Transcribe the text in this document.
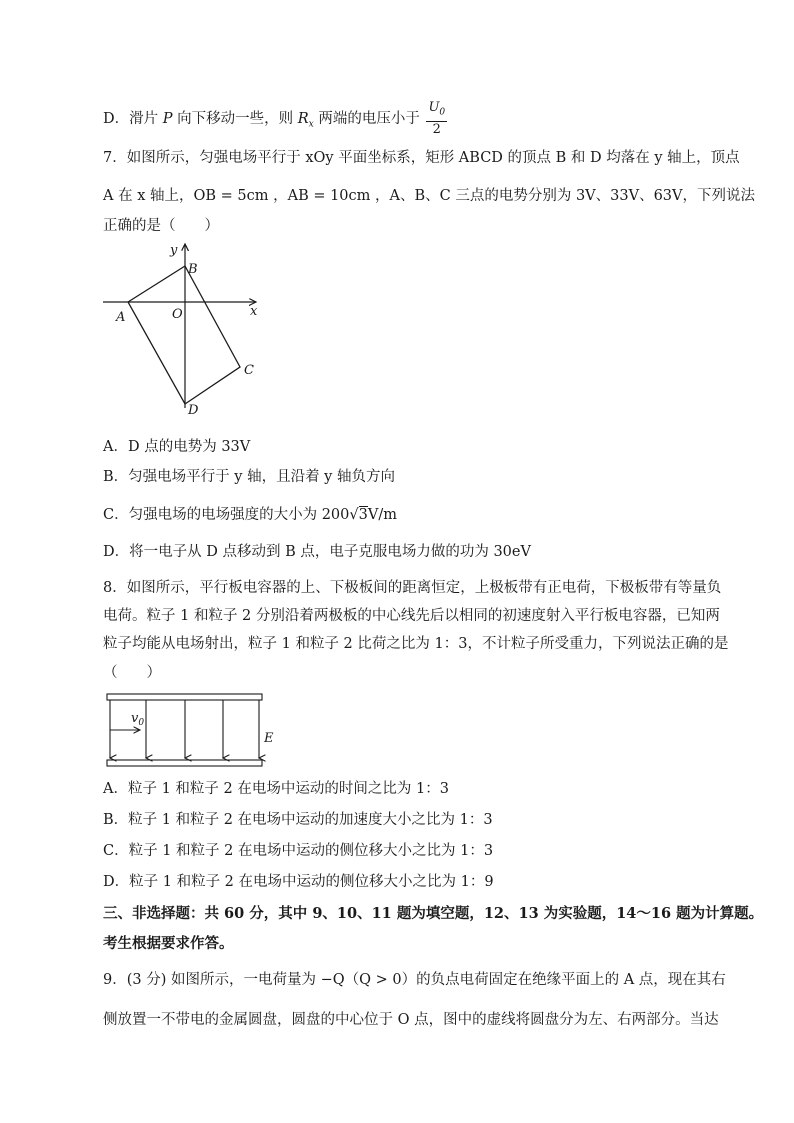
D．滑片 P 向下移动一些，则 $R_x$ 两端的电压小于 $\frac{U_0}{2}$
7．如图所示，匀强电场平行于 xOy 平面坐标系，矩形 ABCD 的顶点 B 和 D 均落在 y 轴上，顶点
A 在 x 轴上，OB = 5cm ，AB = 10cm ，A、B、C 三点的电势分别为 3V、33V、63V，下列说法
正确的是（　　）
y
B
x
A	O
C
D
A．D 点的电势为 33V
B．匀强电场平行于 y 轴，且沿着 y 轴负方向
C．匀强电场的电场强度的大小为 200√3V/m
D．将一电子从 D 点移动到 B 点，电子克服电场力做的功为 30eV
8．如图所示，平行板电容器的上、下极板间的距离恒定，上极板带有正电荷，下极板带有等量负
电荷。粒子 1 和粒子 2 分别沿着两极板的中心线先后以相同的初速度射入平行板电容器，已知两
粒子均能从电场射出，粒子 1 和粒子 2 比荷之比为 1：3，不计粒子所受重力，下列说法正确的是
（　　）
$v_0$
E
A．粒子 1 和粒子 2 在电场中运动的时间之比为 1：3
B．粒子 1 和粒子 2 在电场中运动的加速度大小之比为 1：3
C．粒子 1 和粒子 2 在电场中运动的侧位移大小之比为 1：3
D．粒子 1 和粒子 2 在电场中运动的侧位移大小之比为 1：9
三、非选择题：共 60 分，其中 9、10、11 题为填空题，12、13 为实验题，14～16 题为计算题。
考生根据要求作答。
9．(3 分) 如图所示，一电荷量为 −Q（Q > 0）的负点电荷固定在绝缘平面上的 A 点，现在其右
侧放置一不带电的金属圆盘，圆盘的中心位于 O 点，图中的虚线将圆盘分为左、右两部分。当达
